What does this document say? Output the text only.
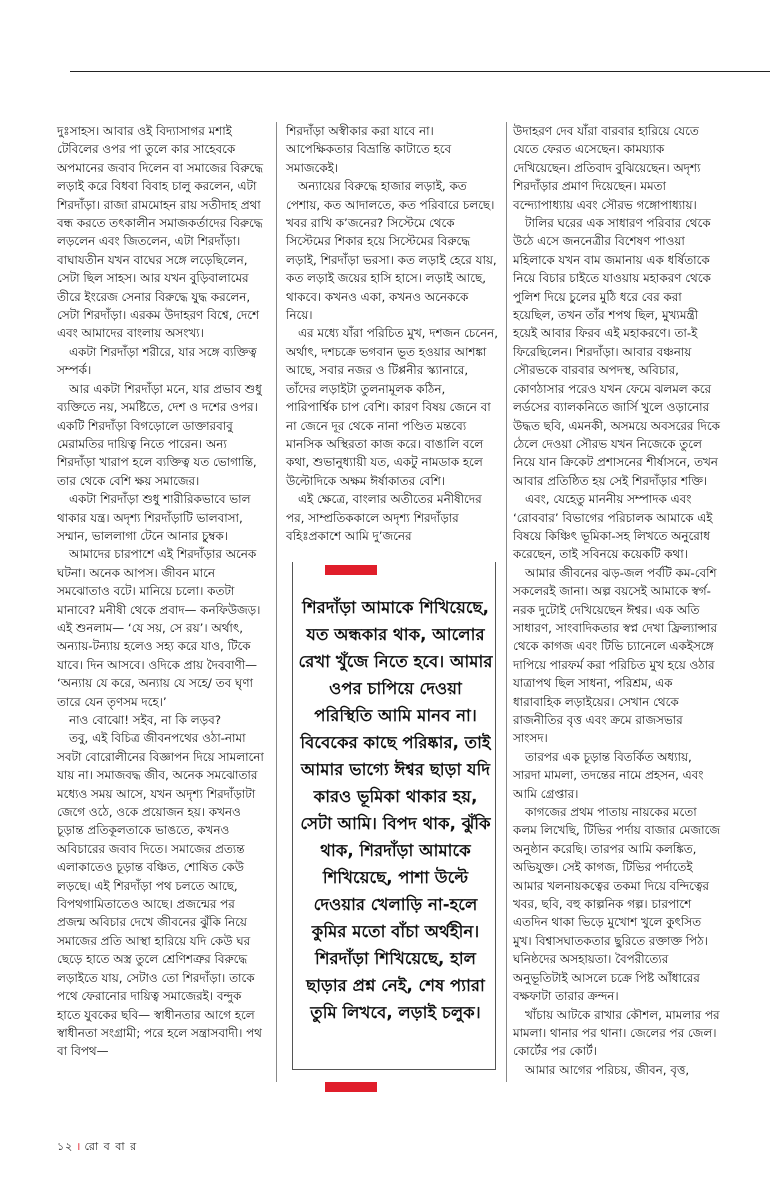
দুঃসাহস। আবার ওই বিদ্যাসাগর মশাই টেবিলের ওপর পা তুলে কার সাহেবকে অপমানের জবাব দিলেন বা সমাজের বিরুদ্ধে লড়াই করে বিধবা বিবাহ চালু করলেন, এটা শিরদাঁড়া। রাজা রামমোহন রায় সতীদাহ প্রথা বন্ধ করতে তৎকালীন সমাজকর্তাদের বিরুদ্ধে লড়লেন এবং জিতলেন, এটা শিরদাঁড়া। বাঘাযতীন যখন বাঘের সঙ্গে লড়েছিলেন, সেটা ছিল সাহস। আর যখন বুড়িবালামের তীরে ইংরেজ সেনার বিরুদ্ধে যুদ্ধ করলেন, সেটা শিরদাঁড়া। এরকম উদাহরণ বিশ্বে, দেশে এবং আমাদের বাংলায় অসংখ্য।

একটা শিরদাঁড়া শরীরে, যার সঙ্গে ব্যক্তিত্ব সম্পর্ক।

আর একটা শিরদাঁড়া মনে, যার প্রভাব শুধু ব্যক্তিতে নয়, সমষ্টিতে, দেশ ও দশের ওপর। একটি শিরদাঁড়া বিগড়োলে ডাক্তারবাবু মেরামতির দায়িত্ব নিতে পারেন। অন্য শিরদাঁড়া খারাপ হলে ব্যক্তিত্ব যত ভোগান্তি, তার থেকে বেশি ক্ষয় সমাজের।

একটা শিরদাঁড়া শুধু শারীরিকভাবে ভাল থাকার যন্ত্র। অদৃশ্য শিরদাঁড়াটি ভালবাসা, সম্মান, ভাললাগা টেনে আনার চুম্বক।

আমাদের চারপাশে এই শিরদাঁড়ার অনেক ঘটনা। অনেক আপস। জীবন মানে সমঝোতাও বটে। মানিয়ে চলো। কতটা মানাবে? মনীষী থেকে প্রবাদ— কনফিউজড়। এই শুনলাম— ‘যে সয়, সে রয়’। অর্থাৎ, অন্যায়-টন্যায় হলেও সহ্য করে যাও, টিকে যাবে। দিন আসবে। ওদিকে প্রায় দৈববাণী— ‘অন্যায় যে করে, অন্যায় যে সহে/ তব ঘৃণা তারে যেন তৃণসম দহে।’

নাও বোঝো! সইব, না কি লড়ব?

তবু, এই বিচিত্র জীবনপথের ওঠা-নামা সবটা বোরোলীনের বিজ্ঞাপন দিয়ে সামলানো যায় না। সমাজবদ্ধ জীব, অনেক সমঝোতার মধ্যেও সময় আসে, যখন অদৃশ্য শিরদাঁড়াটা জেগে ওঠে, ওকে প্রয়োজন হয়। কখনও চূড়ান্ত প্রতিকূলতাকে ভাঙতে, কখনও অবিচারের জবাব দিতে। সমাজের প্রত্যন্ত এলাকাতেও চূড়ান্ত বঞ্চিত, শোষিত কেউ লড়ছে। এই শিরদাঁড়া পথ চলতে আছে, বিপথগামিতাতেও আছে। প্রজন্মের পর প্রজন্ম অবিচার দেখে জীবনের ঝুঁকি নিয়ে সমাজের প্রতি আস্থা হারিয়ে যদি কেউ ঘর ছেড়ে হাতে অস্ত্র তুলে শ্রেণিশত্রুর বিরুদ্ধে লড়াইতে যায়, সেটাও তো শিরদাঁড়া। তাকে পথে ফেরানোর দায়িত্ব সমাজেরই। বন্দুক হাতে যুবকের ছবি— স্বাধীনতার আগে হলে স্বাধীনতা সংগ্রামী; পরে হলে সন্ত্রাসবাদী। পথ বা বিপথ—

শিরদাঁড়া অস্বীকার করা যাবে না। আপেক্ষিকতার বিভ্রান্তি কাটাতে হবে সমাজকেই।

অন্যায়ের বিরুদ্ধে হাজার লড়াই, কত পেশায়, কত আদালতে, কত পরিবারে চলছে। খবর রাখি ক’জনের? সিস্টেমে থেকে সিস্টেমের শিকার হয়ে সিস্টেমের বিরুদ্ধে লড়াই, শিরদাঁড়া ভরসা। কত লড়াই হেরে যায়, কত লড়াই জয়ের হাসি হাসে। লড়াই আছে, থাকবে। কখনও একা, কখনও অনেককে নিয়ে।

এর মধ্যে যাঁরা পরিচিত মুখ, দশজন চেনেন, অর্থাৎ, দশচক্রে ভগবান ভূত হওয়ার আশঙ্কা আছে, সবার নজর ও টিপ্পনীর স্ক্যানারে, তাঁদের লড়াইটা তুলনামূলক কঠিন, পারিপার্শ্বিক চাপ বেশি। কারণ বিষয় জেনে বা না জেনে দূর থেকে নানা পণ্ডিত মন্তব্যে মানসিক অস্থিরতা কাজ করে। বাঙালি বলে কথা, শুভানুধ্যায়ী যত, একটু নামডাক হলে উল্টোদিকে অক্ষম ঈর্ষাকাতর বেশি।

এই ক্ষেত্রে, বাংলার অতীতের মনীষীদের পর, সাম্প্রতিককালে অদৃশ্য শিরদাঁড়ার বহিঃপ্রকাশে আমি দু’জনের

উদাহরণ দেব যাঁরা বারবার হারিয়ে যেতে যেতে ফেরত এসেছেন। কাময্যাক দেখিয়েছেন। প্রতিবাদ বুঝিয়েছেন। অদৃশ্য শিরদাঁড়ার প্রমাণ দিয়েছেন। মমতা বন্দ্যোপাধ্যায় এবং সৌরভ গঙ্গোপাধ্যায়।

টালির ঘরের এক সাধারণ পরিবার থেকে উঠে এসে জননেত্রীর বিশেষণ পাওয়া মহিলাকে যখন বাম জমানায় এক ধর্ষিতাকে নিয়ে বিচার চাইতে যাওয়ায় মহাকরণ থেকে পুলিশ দিয়ে চুলের মুঠি ধরে বের করা হয়েছিল, তখন তাঁর শপথ ছিল, মুখ্যমন্ত্রী হয়েই আবার ফিরব এই মহাকরণে। তা-ই ফিরেছিলেন। শিরদাঁড়া। আবার বঞ্চনায় সৌরভকে বারবার অপদস্থ, অবিচার, কোণঠাসার পরেও যখন ফেমে ঝলমল করে লর্ডসের ব্যালকনিতে জার্সি খুলে ওড়ানোর উদ্ধত ছবি, এমনকী, অসময়ে অবসরের দিকে ঠেলে দেওয়া সৌরভ যখন নিজেকে তুলে নিয়ে যান ক্রিকেট প্রশাসনের শীর্ষাসনে, তখন আবার প্রতিষ্ঠিত হয় সেই শিরদাঁড়ার শক্তি।

এবং, যেহেতু মাননীয় সম্পাদক এবং ‘রোববার’ বিভাগের পরিচালক আমাকে এই বিষয়ে কিঞ্চিৎ ভূমিকা-সহ লিখতে অনুরোধ করেছেন, তাই সবিনয়ে কয়েকটি কথা।

আমার জীবনের ঝড়-জল পর্বটি কম-বেশি সকলেরই জানা। অল্প বয়সেই আমাকে স্বর্গ-নরক দুটোই দেখিয়েছেন ঈশ্বর। এক অতি সাধারণ, সাংবাদিকতার স্বপ্ন দেখা ফ্রিল্যান্সার থেকে কাগজ এবং টিভি চ্যানেলে একইসঙ্গে দাপিয়ে পারফর্ম করা পরিচিত মুখ হয়ে ওঠার যাত্রাপথ ছিল সাধনা, পরিশ্রম, এক ধারাবাহিক লড়াইয়ের। সেখান থেকে রাজনীতির বৃত্ত এবং ক্রমে রাজসভার সাংসদ।

তারপর এক চূড়ান্ত বিতর্কিত অধ্যায়, সারদা মামলা, তদন্তের নামে প্রহসন, এবং আমি গ্রেপ্তার।

কাগজের প্রথম পাতায় নায়কের মতো কলম লিখেছি, টিভির পর্দায় বাজার মেজাজে অনুষ্ঠান করেছি। তারপর আমি কলঙ্কিত, অভিযুক্ত। সেই কাগজ, টিভির পর্দাতেই আমার খলনায়কত্বের তকমা দিয়ে বন্দিত্বের খবর, ছবি, বহু কাল্পনিক গল্প। চারপাশে এতদিন থাকা ভিড়ে মুখোশ খুলে কুৎসিত মুখ। বিশ্বাসঘাতকতার ছুরিতে রক্তাক্ত পিঠ। ঘনিষ্ঠদের অসহায়তা। বৈপরীত্যের অনুভূতিটাই আসলে চক্রে পিষ্ট আঁধারের বক্ষফাটা তারার ক্রন্দন।

খাঁচায় আটকে রাখার কৌশল, মামলার পর মামলা। থানার পর থানা। জেলের পর জেল। কোর্টের পর কোর্ট।

আমার আগের পরিচয়, জীবন, বৃত্ত,

শিরদাঁড়া আমাকে শিখিয়েছে, যত অন্ধকার থাক, আলোর রেখা খুঁজে নিতে হবে। আমার ওপর চাপিয়ে দেওয়া পরিস্থিতি আমি মানব না। বিবেকের কাছে পরিষ্কার, তাই আমার ভাগ্যে ঈশ্বর ছাড়া যদি কারও ভূমিকা থাকার হয়, সেটা আমি। বিপদ থাক, ঝুঁকি থাক, শিরদাঁড়া আমাকে শিখিয়েছে, পাশা উল্টে দেওয়ার খেলাড়ি না-হলে কুমির মতো বাঁচা অর্থহীন। শিরদাঁড়া শিখিয়েছে, হাল ছাড়ার প্রশ্ন নেই, শেষ প্যারা তুমি লিখবে, লড়াই চলুক।
১২ । রো ব বা র
